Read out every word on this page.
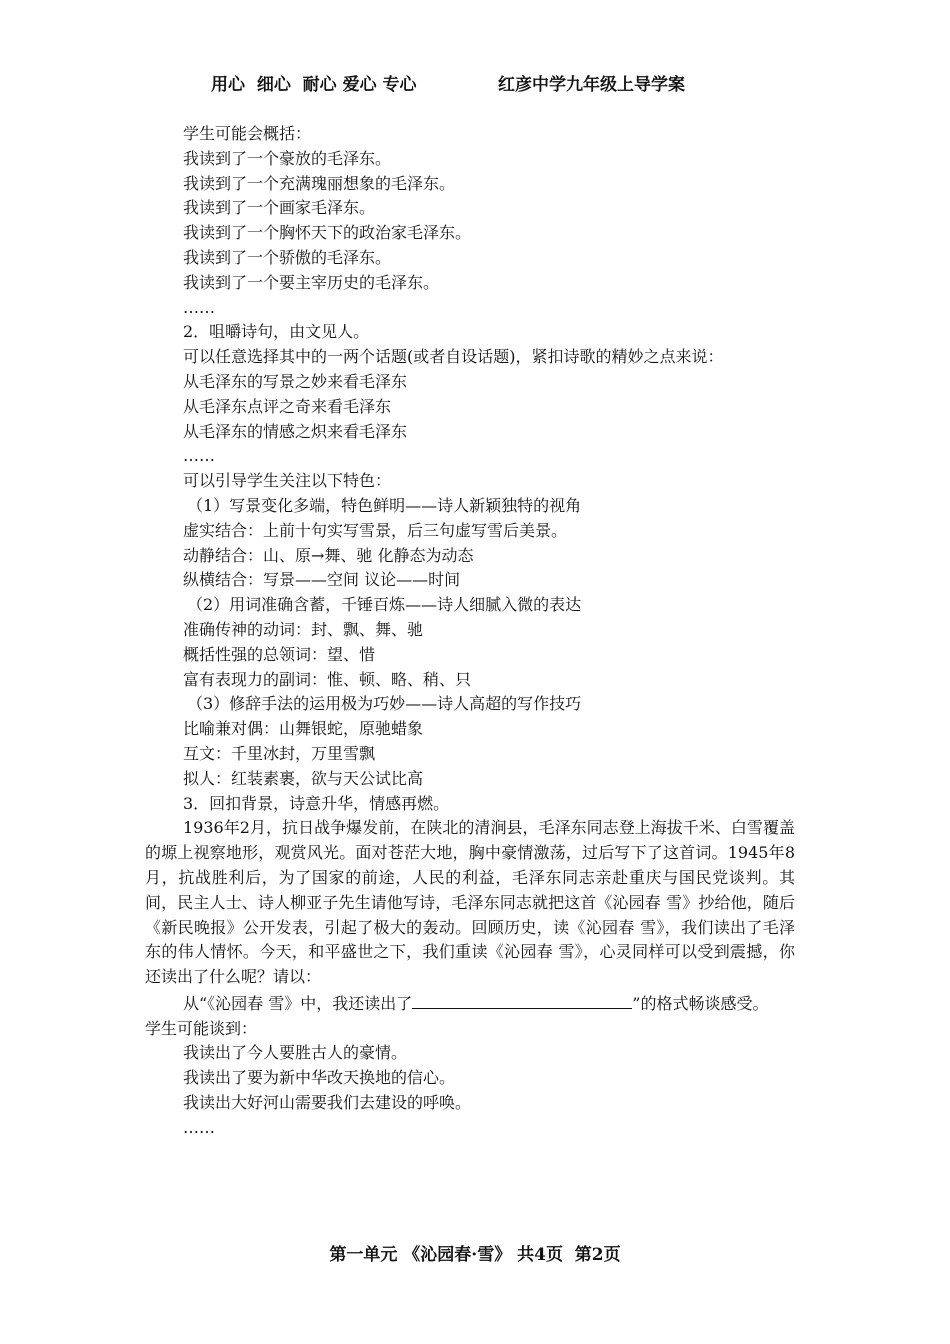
用心  细心  耐心 爱心 专心	红彦中学九年级上导学案
学生可能会概括：
我读到了一个豪放的毛泽东。
我读到了一个充满瑰丽想象的毛泽东。
我读到了一个画家毛泽东。
我读到了一个胸怀天下的政治家毛泽东。
我读到了一个骄傲的毛泽东。
我读到了一个要主宰历史的毛泽东。
……
2．咀嚼诗句，由文见人。
可以任意选择其中的一两个话题(或者自设话题)，紧扣诗歌的精妙之点来说：
从毛泽东的写景之妙来看毛泽东
从毛泽东点评之奇来看毛泽东
从毛泽东的情感之炽来看毛泽东
……
可以引导学生关注以下特色：
（1）写景变化多端，特色鲜明——诗人新颖独特的视角
虚实结合：上前十句实写雪景，后三句虚写雪后美景。
动静结合：山、原→舞、驰 化静态为动态
纵横结合：写景——空间 议论——时间
（2）用词准确含蓄，千锤百炼——诗人细腻入微的表达
准确传神的动词：封、飘、舞、驰
概括性强的总领词：望、惜
富有表现力的副词：惟、顿、略、稍、只
（3）修辞手法的运用极为巧妙——诗人高超的写作技巧
比喻兼对偶：山舞银蛇，原驰蜡象
互文：千里冰封，万里雪飘
拟人：红装素裹，欲与天公试比高
3．回扣背景，诗意升华，情感再燃。
1936年2月，抗日战争爆发前，在陕北的清涧县，毛泽东同志登上海拔千米、白雪覆盖的塬上视察地形，观赏风光。面对苍茫大地，胸中豪情激荡，过后写下了这首词。1945年8月，抗战胜利后，为了国家的前途，人民的利益，毛泽东同志亲赴重庆与国民党谈判。其间，民主人士、诗人柳亚子先生请他写诗，毛泽东同志就把这首《沁园春 雪》抄给他，随后《新民晚报》公开发表，引起了极大的轰动。回顾历史，读《沁园春 雪》，我们读出了毛泽东的伟人情怀。今天，和平盛世之下，我们重读《沁园春 雪》，心灵同样可以受到震撼，你还读出了什么呢？请以：
从“《沁园春 雪》中，我还读出了	”的格式畅谈感受。
学生可能谈到：
我读出了今人要胜古人的豪情。
我读出了要为新中华改天换地的信心。
我读出大好河山需要我们去建设的呼唤。
……
第一单元 《沁园春·雪》 共4页  第2页
